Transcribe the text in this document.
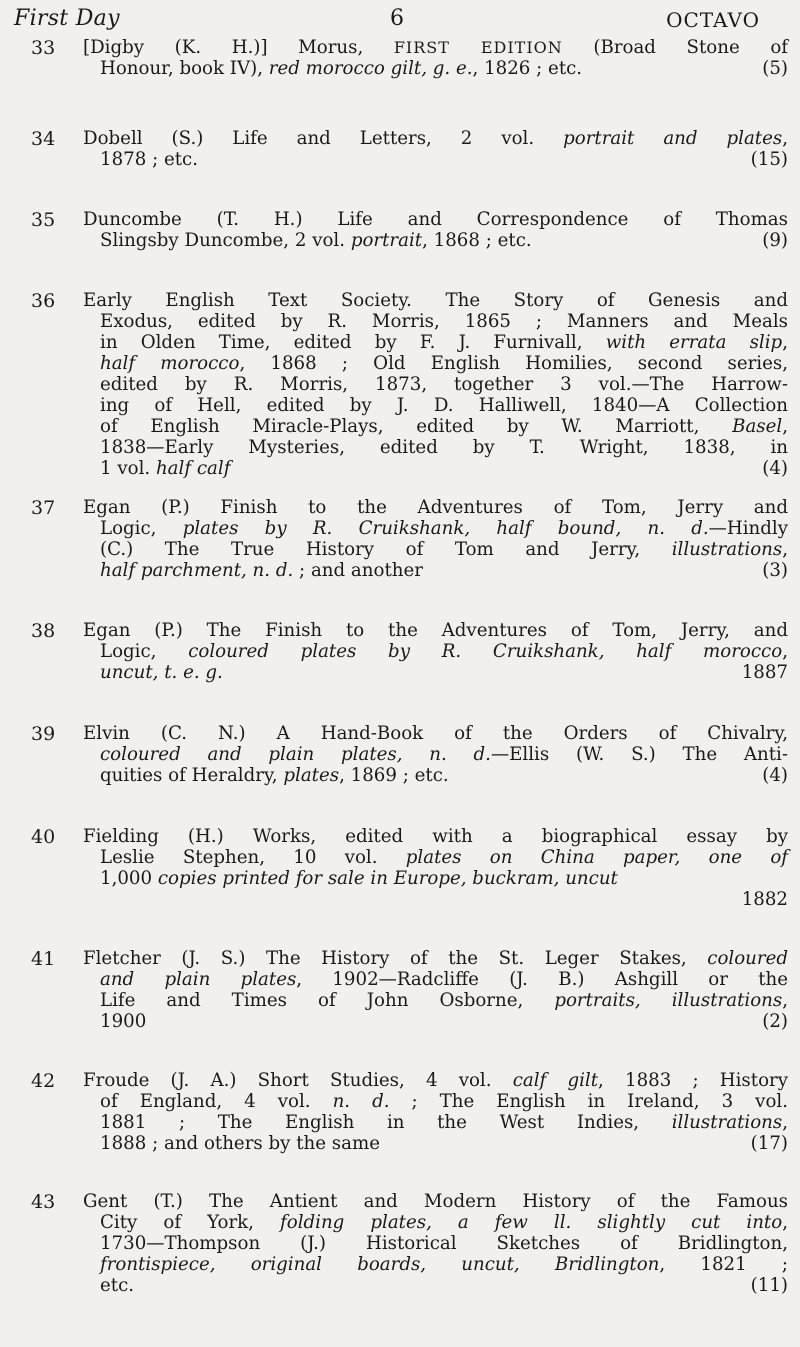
First Day	6	OCTAVO
33 [Digby (K. H.)] Morus, FIRST EDITION (Broad Stone of
Honour, book IV), red morocco gilt, g. e., 1826 ; etc.	(5)
34 Dobell (S.) Life and Letters, 2 vol. portrait and plates,
1878 ; etc.	(15)
35 Duncombe (T. H.) Life and Correspondence of Thomas
Slingsby Duncombe, 2 vol. portrait, 1868 ; etc.	(9)
36 Early English Text Society. The Story of Genesis and
Exodus, edited by R. Morris, 1865 ; Manners and Meals
in Olden Time, edited by F. J. Furnivall, with errata slip,
half morocco, 1868 ; Old English Homilies, second series,
edited by R. Morris, 1873, together 3 vol.—The Harrow-
ing of Hell, edited by J. D. Halliwell, 1840—A Collection
of English Miracle-Plays, edited by W. Marriott, Basel,
1838—Early Mysteries, edited by T. Wright, 1838, in
1 vol. half calf	(4)
37 Egan (P.) Finish to the Adventures of Tom, Jerry and
Logic, plates by R. Cruikshank, half bound, n. d.—Hindly
(C.) The True History of Tom and Jerry, illustrations,
half parchment, n. d. ; and another	(3)
38 Egan (P.) The Finish to the Adventures of Tom, Jerry, and
Logic, coloured plates by R. Cruikshank, half morocco,
uncut, t. e. g.	1887
39 Elvin (C. N.) A Hand-Book of the Orders of Chivalry,
coloured and plain plates, n. d.—Ellis (W. S.) The Anti-
quities of Heraldry, plates, 1869 ; etc.	(4)
40 Fielding (H.) Works, edited with a biographical essay by
Leslie Stephen, 10 vol. plates on China paper, one of
1,000 copies printed for sale in Europe, buckram, uncut
1882
41 Fletcher (J. S.) The History of the St. Leger Stakes, coloured
and plain plates, 1902—Radcliffe (J. B.) Ashgill or the
Life and Times of John Osborne, portraits, illustrations,
1900	(2)
42 Froude (J. A.) Short Studies, 4 vol. calf gilt, 1883 ; History
of England, 4 vol. n. d. ; The English in Ireland, 3 vol.
1881 ; The English in the West Indies, illustrations,
1888 ; and others by the same	(17)
43 Gent (T.) The Antient and Modern History of the Famous
City of York, folding plates, a few ll. slightly cut into,
1730—Thompson (J.) Historical Sketches of Bridlington,
frontispiece, original boards, uncut, Bridlington, 1821 ;
etc.	(11)
